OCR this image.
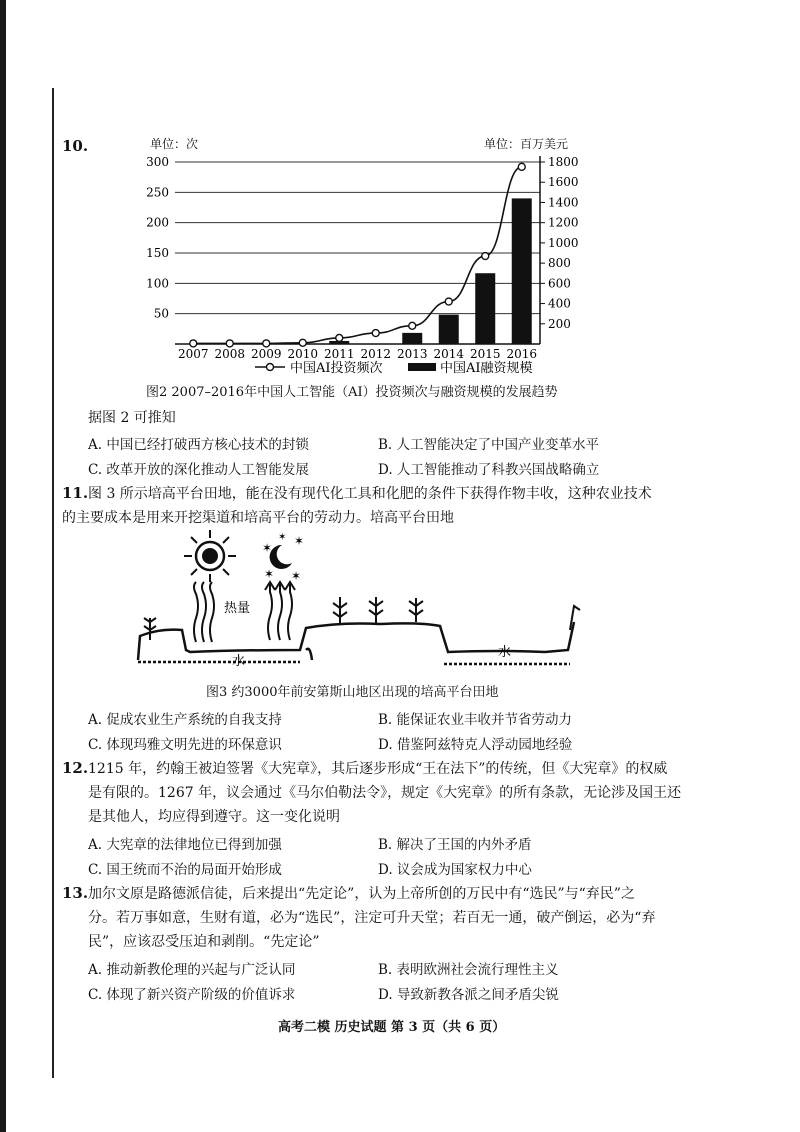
10.	单位：次	单位：百万美元
300
250
200
150
100
50
1800
1600
1400
1200
1000
800
600
400
200
2007 2008 2009 2010 2011 2012 2013 2014 2015 2016
中国AI投资频次	中国AI融资规模
图2 2007–2016年中国人工智能（AI）投资频次与融资规模的发展趋势
据图 2 可推知
A. 中国已经打破西方核心技术的封锁	B. 人工智能决定了中国产业变革水平
C. 改革开放的深化推动人工智能发展	D. 人工智能推动了科教兴国战略确立
11. 图 3 所示培高平台田地，能在没有现代化工具和化肥的条件下获得作物丰收，这种农业技术
的主要成本是用来开挖渠道和培高平台的劳动力。培高平台田地
✶ ✶
✶ ✶
✶
热量
水
水
图3 约3000年前安第斯山地区出现的培高平台田地
A. 促成农业生产系统的自我支持	B. 能保证农业丰收并节省劳动力
C. 体现玛雅文明先进的环保意识	D. 借鉴阿兹特克人浮动园地经验
12. 1215 年，约翰王被迫签署《大宪章》，其后逐步形成“王在法下”的传统，但《大宪章》的权威
是有限的。1267 年，议会通过《马尔伯勒法令》，规定《大宪章》的所有条款，无论涉及国王还
是其他人，均应得到遵守。这一变化说明
A. 大宪章的法律地位已得到加强	B. 解决了王国的内外矛盾
C. 国王统而不治的局面开始形成	D. 议会成为国家权力中心
13. 加尔文原是路德派信徒，后来提出“先定论”，认为上帝所创的万民中有“选民”与“弃民”之
分。若万事如意，生财有道，必为“选民”，注定可升天堂；若百无一通，破产倒运，必为“弃
民”，应该忍受压迫和剥削。“先定论”
A. 推动新教伦理的兴起与广泛认同	B. 表明欧洲社会流行理性主义
C. 体现了新兴资产阶级的价值诉求	D. 导致新教各派之间矛盾尖锐
高考二模 历史试题 第 3 页（共 6 页）
